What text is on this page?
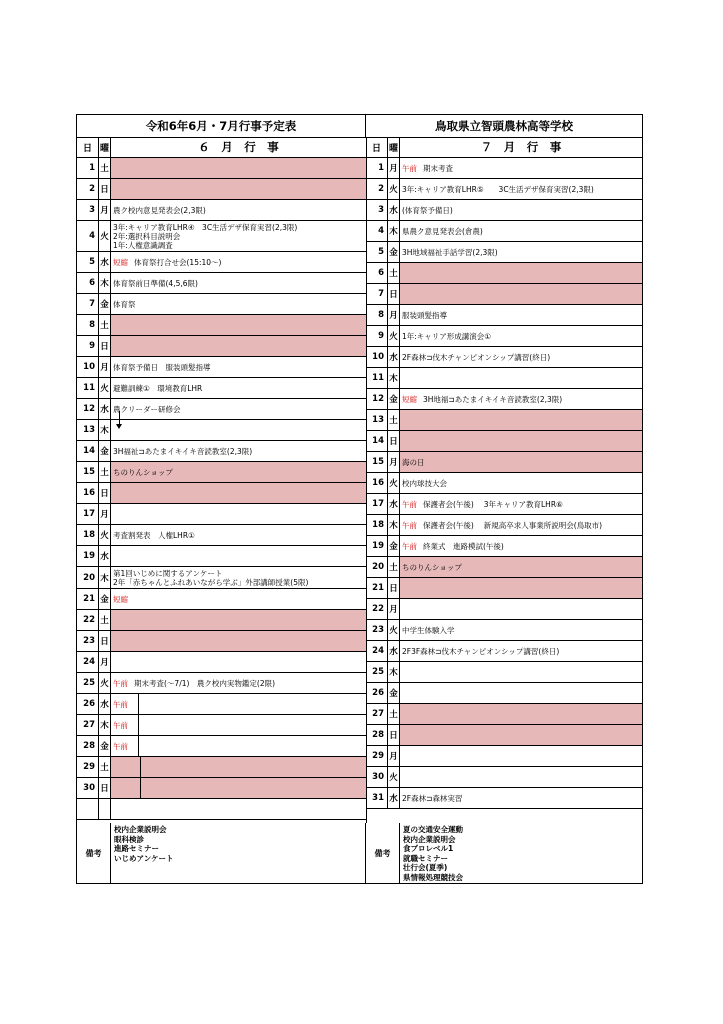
令和6年6月・7月行事予定表	鳥取県立智頭農林高等学校
日 曜	６　月　行　事
1 土
2 日
3 月 農ク校内意見発表会(2,3限)
4 火
3年:キャリア教育LHR④　3C生活デザ保育実習(2,3限)
2年:選択科目説明会
1年:人権意識調査
5 水 短縮 体育祭打合せ会(15:10～)
6 木 体育祭前日準備(4,5,6限)
7 金 体育祭
8 土
9 日
10 月 体育祭予備日　服装頭髪指導
11 火 避難訓練①　環境教育LHR
12 水 農クリーダー研修会
13 木
14 金 3H福祉⊐あたまイキイキ音読教室(2,3限)
15 土 ちのりんショップ
16 日
17 月
18 火 考査割発表　人権LHR①
19 水
20 木
第1回いじめに関するアンケート
2年「赤ちゃんとふれあいながら学ぶ」外部講師授業(5限)
21 金 短縮
22 土
23 日
24 月
25 火 午前 期末考査(～7/1)　農ク校内実物鑑定(2限)
26 水 午前
27 木 午前
28 金 午前
29 土
30 日
日 曜	７　月　行　事
1 月 午前 期末考査
2 火 3年:キャリア教育LHR⑤　　3C生活デザ保育実習(2,3限)
3 水 (体育祭予備日)
4 木 県農ク意見発表会(倉農)
5 金 3H地域福祉手話学習(2,3限)
6 土
7 日
8 月 服装頭髪指導
9 火 1年:キャリア形成講演会①
10 水 2F森林⊐伐木チャンピオンシップ講習(終日)
11 木
12 金 短縮 3H地福⊐あたまイキイキ音読教室(2,3限)
13 土
14 日
15 月 海の日
16 火 校内球技大会
17 水 午前 保護者会(午後)　 3年キャリア教育LHR⑥
18 木 午前 保護者会(午後)　 新規高卒求人事業所説明会(鳥取市)
19 金 午前 終業式　進路模試(午後)
20 土 ちのりんショップ
21 日
22 月
23 火 中学生体験入学
24 水 2F3F森林⊐伐木チャンピオンシップ講習(終日)
25 木
26 金
27 土
28 日
29 月
30 火
31 水 2F森林⊐森林実習
備考
校内企業説明会
眼科検診
進路セミナー
いじめアンケート
備考
夏の交通安全運動
校内企業説明会
食プロレベル1
就職セミナー
壮行会(夏季)
県情報処理競技会
